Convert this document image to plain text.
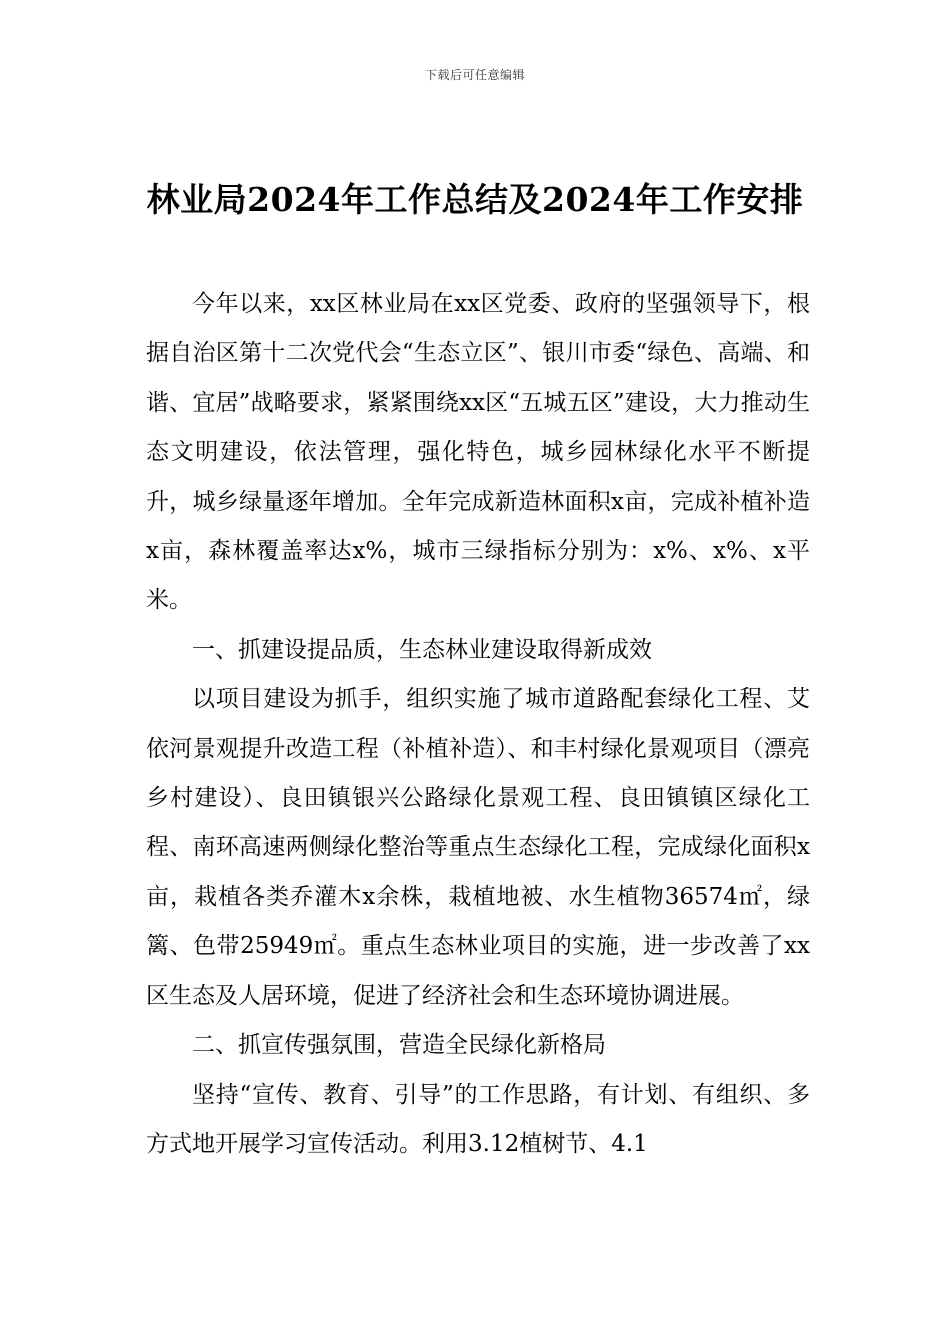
下载后可任意编辑
林业局2024年工作总结及2024年工作安排

今年以来，xx区林业局在xx区党委、政府的坚强领导下，根据自治区第十二次党代会“生态立区”、银川市委“绿色、高端、和谐、宜居”战略要求，紧紧围绕xx区“五城五区”建设，大力推动生态文明建设，依法管理，强化特色，城乡园林绿化水平不断提升，城乡绿量逐年增加。全年完成新造林面积x亩，完成补植补造x亩，森林覆盖率达x%，城市三绿指标分别为：x%、x%、x平米。

一、抓建设提品质，生态林业建设取得新成效

以项目建设为抓手，组织实施了城市道路配套绿化工程、艾依河景观提升改造工程（补植补造）、和丰村绿化景观项目（漂亮乡村建设）、良田镇银兴公路绿化景观工程、良田镇镇区绿化工程、南环高速两侧绿化整治等重点生态绿化工程，完成绿化面积x亩，栽植各类乔灌木x余株，栽植地被、水生植物36574㎡，绿篱、色带25949㎡。重点生态林业项目的实施，进一步改善了xx区生态及人居环境，促进了经济社会和生态环境协调进展。

二、抓宣传强氛围，营造全民绿化新格局

坚持“宣传、教育、引导”的工作思路，有计划、有组织、多方式地开展学习宣传活动。利用3.12植树节、4.1
